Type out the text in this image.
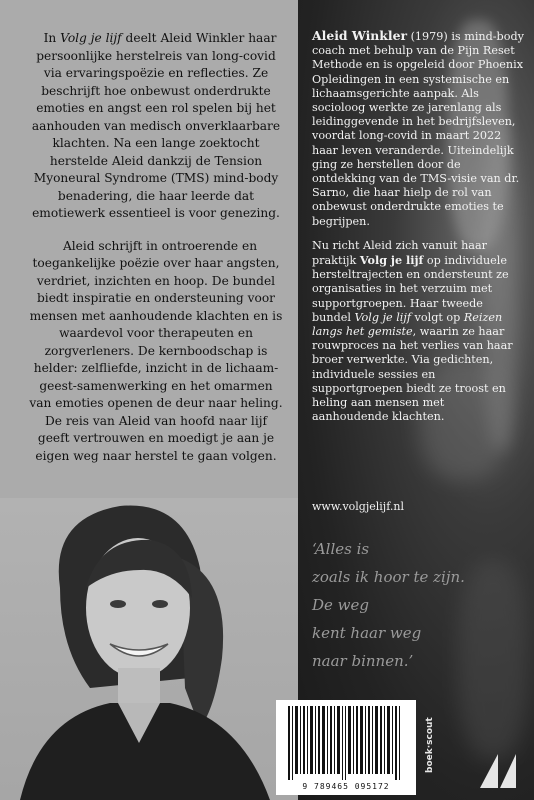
In Volg je lijf deelt Aleid Winkler haar persoonlijke herstelreis van long-covid via ervaringspoëzie en reflecties. Ze beschrijft hoe onbewust onderdrukte emoties en angst een rol spelen bij het aanhouden van medisch onverklaarbare klachten. Na een lange zoektocht herstelde Aleid dankzij de Tension Myoneural Syndrome (TMS) mind-body benadering, die haar leerde dat emotiewerk essentieel is voor genezing.

Aleid schrijft in ontroerende en toegankelijke poëzie over haar angsten, verdriet, inzichten en hoop. De bundel biedt inspiratie en ondersteuning voor mensen met aanhoudende klachten en is waardevol voor therapeuten en zorgverleners. De kernboodschap is helder: zelfliefde, inzicht in de lichaam-geest-samenwerking en het omarmen van emoties openen de deur naar heling. De reis van Aleid van hoofd naar lijf geeft vertrouwen en moedigt je aan je eigen weg naar herstel te gaan volgen.

Aleid Winkler (1979) is mind-body coach met behulp van de Pijn Reset Methode en is opgeleid door Phoenix Opleidingen in een systemische en lichaamsgerichte aanpak. Als socioloog werkte ze jarenlang als leidinggevende in het bedrijfsleven, voordat long-covid in maart 2022 haar leven veranderde. Uiteindelijk ging ze herstellen door de ontdekking van de TMS-visie van dr. Sarno, die haar hielp de rol van onbewust onderdrukte emoties te begrijpen.

Nu richt Aleid zich vanuit haar praktijk Volg je lijf op individuele hersteltrajecten en ondersteunt ze organisaties in het verzuim met supportgroepen. Haar tweede bundel Volg je lijf volgt op Reizen langs het gemiste, waarin ze haar rouwproces na het verlies van haar broer verwerkte. Via gedichten, individuele sessies en supportgroepen biedt ze troost en heling aan mensen met aanhoudende klachten.

www.volgjelijf.nl
‘Alles is
zoals ik hoor te zijn.
De weg
kent haar weg
naar binnen.’
9 789465 095172
boek·scout
